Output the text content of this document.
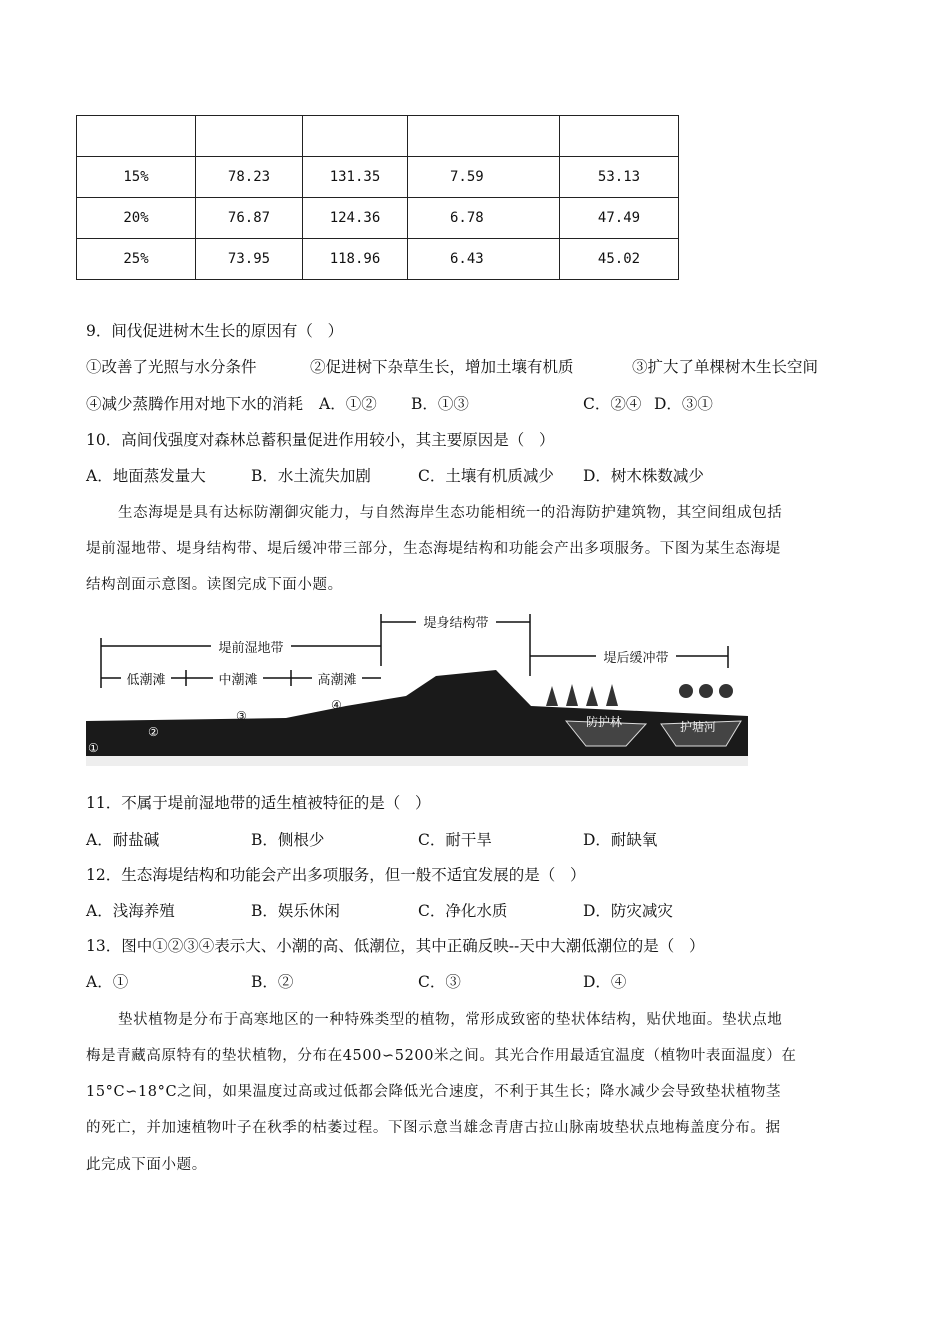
15%	78.23	131.35	7.59	53.13
20%	76.87	124.36	6.78	47.49
25%	73.95	118.96	6.43	45.02
9．间伐促进树木生长的原因有（   ）
①改善了光照与水分条件	②促进树下杂草生长，增加土壤有机质	③扩大了单棵树木生长空间
④减少蒸腾作用对地下水的消耗 A．①② B．①③	C．②④ D．③①
10．高间伐强度对森林总蓄积量促进作用较小，其主要原因是（   ）
A．地面蒸发量大	B．水土流失加剧	C．土壤有机质减少 D．树木株数减少
生态海堤是具有达标防潮御灾能力，与自然海岸生态功能相统一的沿海防护建筑物，其空间组成包括
堤前湿地带、堤身结构带、堤后缓冲带三部分，生态海堤结构和功能会产出多项服务。下图为某生态海堤
结构剖面示意图。读图完成下面小题。
堤身结构带
堤前湿地带
堤后缓冲带
低潮滩	中潮滩	高潮滩
防护林	护塘河
①
②
③
④
11．不属于堤前湿地带的适生植被特征的是（   ）
A．耐盐碱	B．侧根少	C．耐干旱	D．耐缺氧
12．生态海堤结构和功能会产出多项服务，但一般不适宜发展的是（   ）
A．浅海养殖	B．娱乐休闲	C．净化水质	D．防灾减灾
13．图中①②③④表示大、小潮的高、低潮位，其中正确反映--天中大潮低潮位的是（   ）
A．①	B．②	C．③	D．④
垫状植物是分布于高寒地区的一种特殊类型的植物，常形成致密的垫状体结构，贴伏地面。垫状点地
梅是青藏高原特有的垫状植物，分布在4500∽5200米之间。其光合作用最适宜温度（植物叶表面温度）在
15°C∽18°C之间，如果温度过高或过低都会降低光合速度，不利于其生长；降水减少会导致垫状植物茎
的死亡，并加速植物叶子在秋季的枯萎过程。下图示意当雄念青唐古拉山脉南坡垫状点地梅盖度分布。据
此完成下面小题。
